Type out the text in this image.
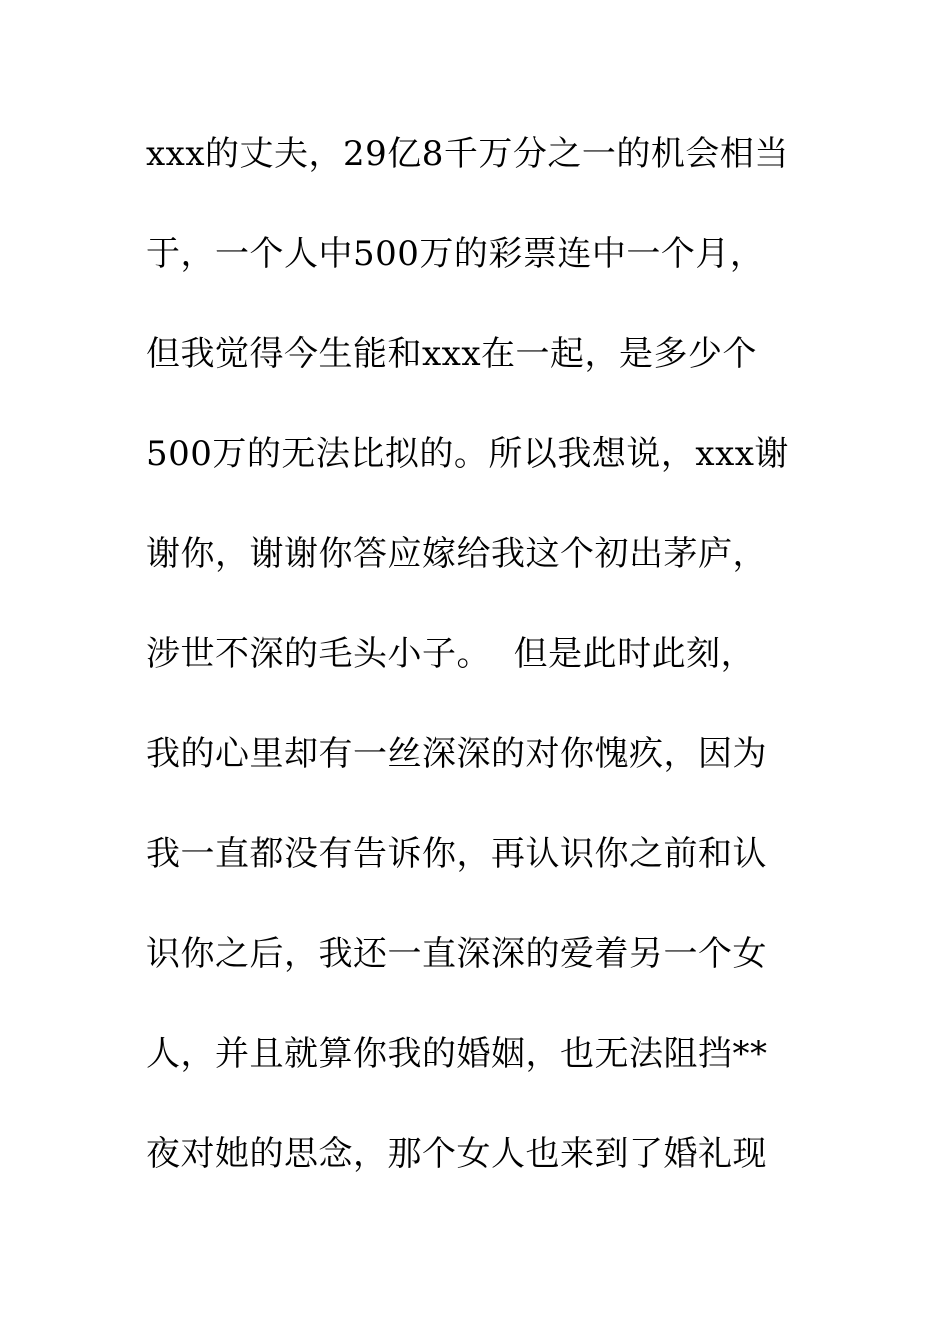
xxx的丈夫，29亿8千万分之一的机会相当
于，一个人中500万的彩票连中一个月，
但我觉得今生能和xxx在一起，是多少个
500万的无法比拟的。所以我想说，xxx谢
谢你，谢谢你答应嫁给我这个初出茅庐，
涉世不深的毛头小子。  但是此时此刻，
我的心里却有一丝深深的对你愧疚，因为
我一直都没有告诉你，再认识你之前和认
识你之后，我还一直深深的爱着另一个女
人，并且就算你我的婚姻，也无法阻挡**
夜对她的思念，那个女人也来到了婚礼现
